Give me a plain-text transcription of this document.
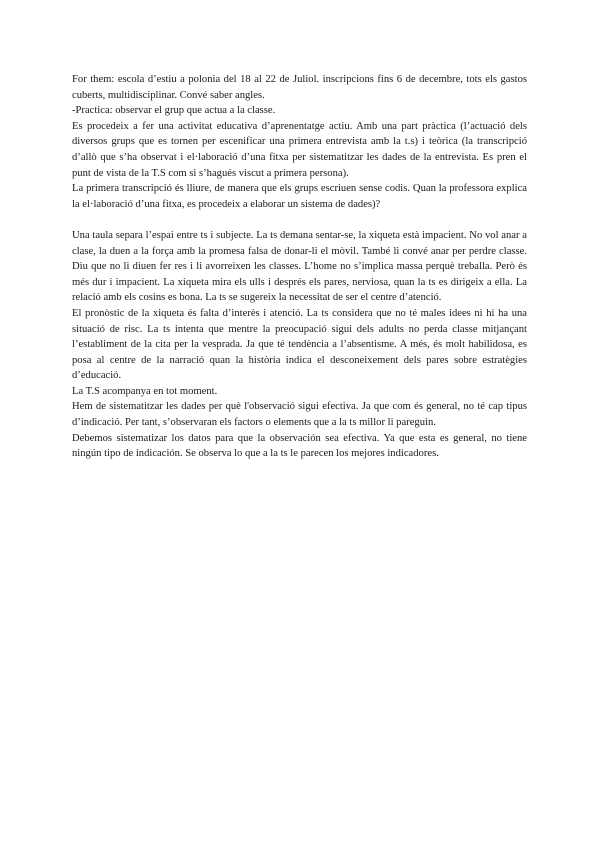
For them: escola d’estiu a polonia del 18 al 22 de Juliol. inscripcions fins 6 de decembre, tots els gastos cuberts, multidisciplinar. Convé saber angles.

-Practica: observar el grup que actua a la classe.

Es procedeix a fer una activitat educativa d’aprenentatge actiu. Amb una part pràctica (l’actuació dels diversos grups que es tornen per escenificar una primera entrevista amb la t.s) i teòrica (la transcripció d’allò que s’ha observat i el·laboració d’una fitxa per sistematitzar les dades de la entrevista. Es pren el punt de vista de la T.S com si s’hagués viscut a primera persona).

La primera transcripció és lliure, de manera que els grups escriuen sense codis. Quan la professora explica la el·laboració d’una fitxa, es procedeix a elaborar un sistema de dades)?

Una taula separa l’espai entre ts i subjecte. La ts demana sentar-se, la xiqueta està impacient. No vol anar a clase, la duen a la força amb la promesa falsa de donar-li el mòvil. També li convé anar per perdre classe. Diu que no li diuen fer res i li avorreixen les classes. L’home no s’implica massa perquè treballa. Però és més dur i impacient. La xiqueta mira els ulls i després els pares, nerviosa, quan la ts es dirigeix a ella. La relació amb els cosins es bona. La ts se sugereix la necessitat de ser el centre d’atenció.

El pronòstic de la xiqueta és falta d’interès i atenció. La ts considera que no té males idees ni hi ha una situació de risc. La ts intenta que mentre la preocupació sigui dels adults no perda classe mitjançant l’establiment de la cita per la vesprada. Ja que té tendència a l’absentisme. A més, és molt habilidosa, es posa al centre de la narració quan la història indica el desconeixement dels pares sobre estratègies d’educació.

La T.S acompanya en tot moment.

Hem de sistematitzar les dades per què l'observació sigui efectiva. Ja que com és general, no té cap tipus d’indicació. Per tant, s’observaran els factors o elements que a la ts millor li pareguin.

Debemos sistematizar los datos para que la observación sea efectiva. Ya que esta es general, no tiene ningún tipo de indicación. Se observa lo que a la ts le parecen los mejores indicadores.
